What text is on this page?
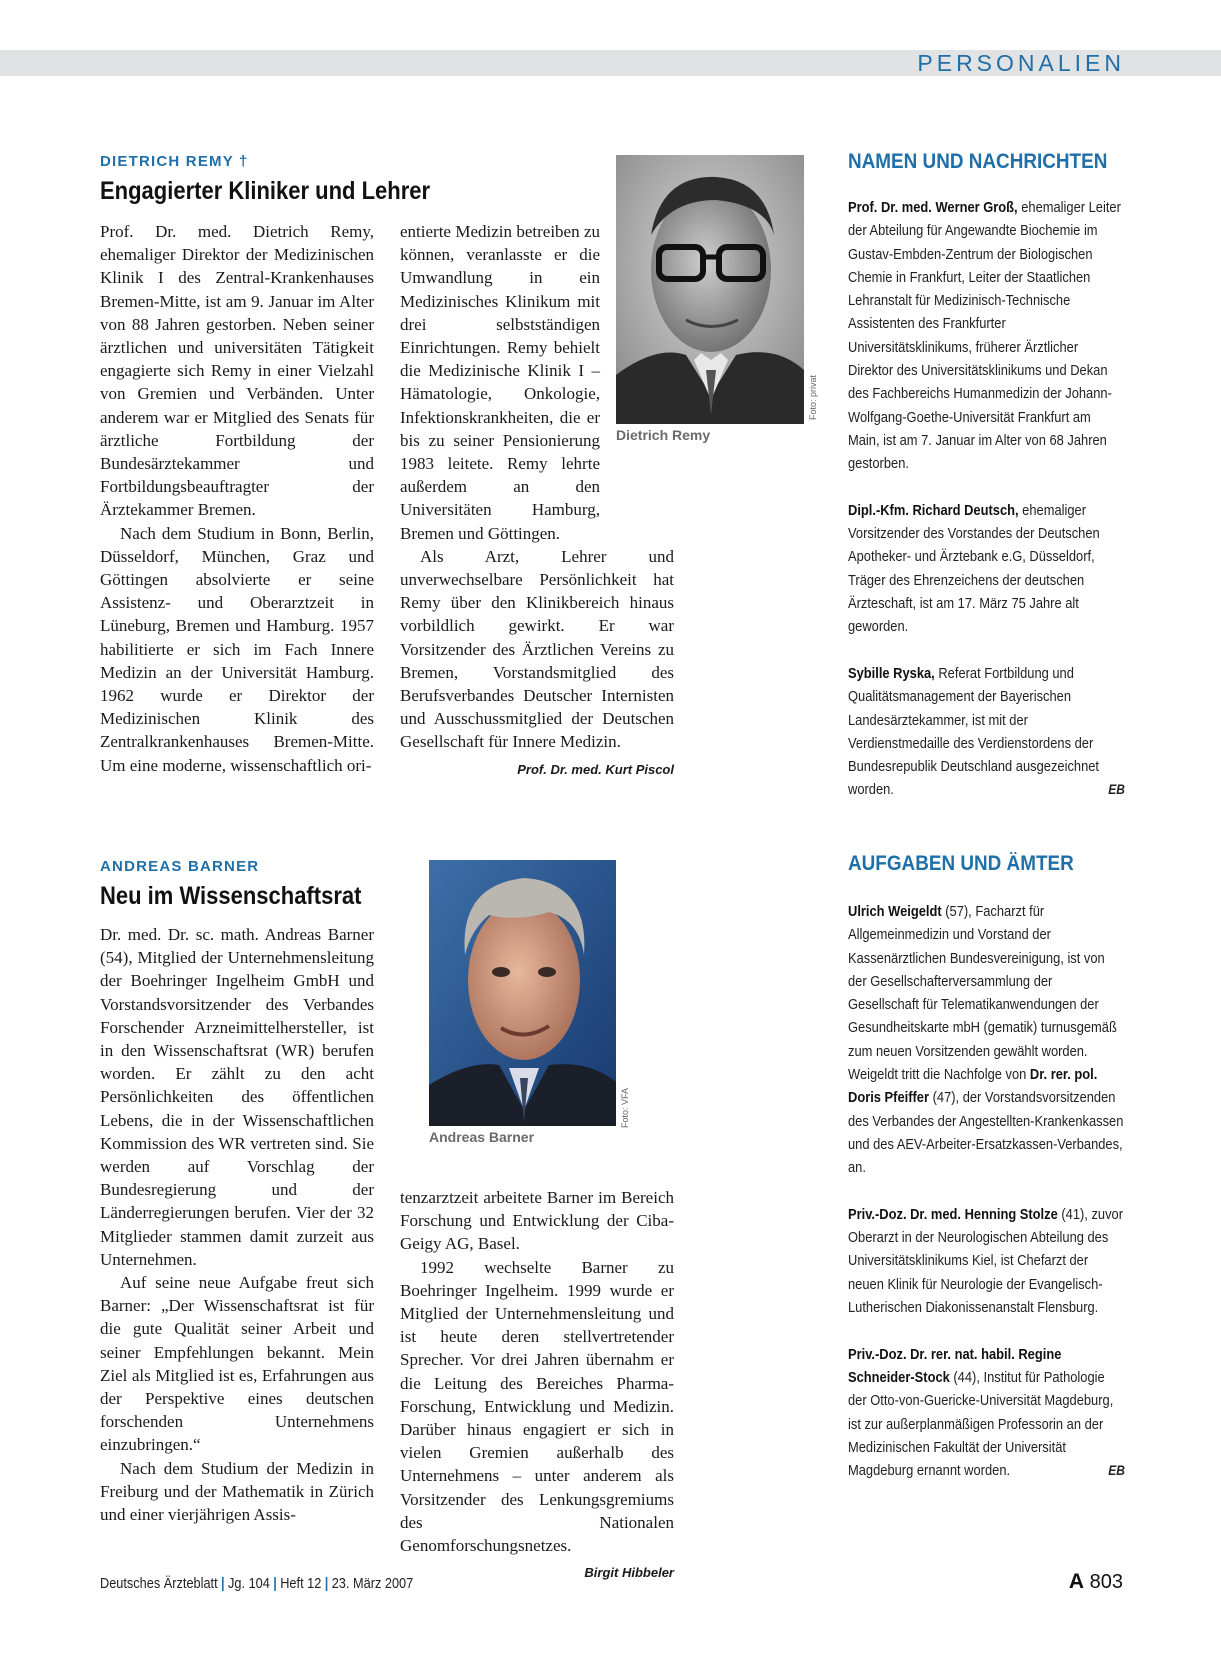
PERSONALIEN
DIETRICH REMY †
Engagierter Kliniker und Lehrer

Prof. Dr. med. Dietrich Remy, ehemaliger Direktor der Medizinischen Klinik I des Zentral-Krankenhauses Bremen-Mitte, ist am 9. Januar im Alter von 88 Jahren gestorben. Neben seiner ärztlichen und universitäten Tätigkeit engagierte sich Remy in einer Vielzahl von Gremien und Verbänden. Unter anderem war er Mitglied des Senats für ärztliche Fortbildung der Bundesärztekammer und Fortbildungsbeauftragter der Ärztekammer Bremen.

Nach dem Studium in Bonn, Berlin, Düsseldorf, München, Graz und Göttingen absolvierte er seine Assistenz- und Oberarztzeit in Lüneburg, Bremen und Hamburg. 1957 habilitierte er sich im Fach Innere Medizin an der Universität Hamburg. 1962 wurde er Direktor der Medizinischen Klinik des Zentralkrankenhauses Bremen-Mitte. Um eine moderne, wissenschaftlich ori-

Dietrich Remy
Foto: privat

entierte Medizin betreiben zu können, veranlasste er die Umwandlung in ein Medizinisches Klinikum mit drei selbstständigen Einrichtungen. Remy behielt die Medizinische Klinik I – Hämatologie, Onkologie, Infektionskrankheiten, die er bis zu seiner Pensionierung 1983 leitete. Remy lehrte außerdem an den Universitäten Hamburg, Bremen und Göttingen.

Als Arzt, Lehrer und unverwechselbare Persönlichkeit hat Remy über den Klinikbereich hinaus vorbildlich gewirkt. Er war Vorsitzender des Ärztlichen Vereins zu Bremen, Vorstandsmitglied des Berufsverbandes Deutscher Internisten und Ausschussmitglied der Deutschen Gesellschaft für Innere Medizin.
Prof. Dr. med. Kurt Piscol

ANDREAS BARNER
Neu im Wissenschaftsrat

Dr. med. Dr. sc. math. Andreas Barner (54), Mitglied der Unternehmensleitung der Boehringer Ingelheim GmbH und Vorstandsvorsitzender des Verbandes Forschender Arzneimittelhersteller, ist in den Wissenschaftsrat (WR) berufen worden. Er zählt zu den acht Persönlichkeiten des öffentlichen Lebens, die in der Wissenschaftlichen Kommission des WR vertreten sind. Sie werden auf Vorschlag der Bundesregierung und der Länderregierungen berufen. Vier der 32 Mitglieder stammen damit zurzeit aus Unternehmen.

Auf seine neue Aufgabe freut sich Barner: „Der Wissenschaftsrat ist für die gute Qualität seiner Arbeit und seiner Empfehlungen bekannt. Mein Ziel als Mitglied ist es, Erfahrungen aus der Perspektive eines deutschen forschenden Unternehmens einzubringen.“

Nach dem Studium der Medizin in Freiburg und der Mathematik in Zürich und einer vierjährigen Assis-

Andreas Barner
Foto: VFA

tenzarztzeit arbeitete Barner im Bereich Forschung und Entwicklung der Ciba-Geigy AG, Basel.

1992 wechselte Barner zu Boehringer Ingelheim. 1999 wurde er Mitglied der Unternehmensleitung und ist heute deren stellvertretender Sprecher. Vor drei Jahren übernahm er die Leitung des Bereiches Pharma-Forschung, Entwicklung und Medizin. Darüber hinaus engagiert er sich in vielen Gremien außerhalb des Unternehmens – unter anderem als Vorsitzender des Lenkungsgremiums des Nationalen Genomforschungsnetzes.
Birgit Hibbeler

NAMEN UND NACHRICHTEN

Prof. Dr. med. Werner Groß, ehemaliger Leiter der Abteilung für Angewandte Biochemie im Gustav-Embden-Zentrum der Biologischen Chemie in Frankfurt, Leiter der Staatlichen Lehranstalt für Medizinisch-Technische Assistenten des Frankfurter Universitätsklinikums, früherer Ärztlicher Direktor des Universitätsklinikums und Dekan des Fachbereichs Humanmedizin der Johann-Wolfgang-Goethe-Universität Frankfurt am Main, ist am 7. Januar im Alter von 68 Jahren gestorben.

Dipl.-Kfm. Richard Deutsch, ehemaliger Vorsitzender des Vorstandes der Deutschen Apotheker- und Ärztebank e.G, Düsseldorf, Träger des Ehrenzeichens der deutschen Ärzteschaft, ist am 17. März 75 Jahre alt geworden.

Sybille Ryska, Referat Fortbildung und Qualitätsmanagement der Bayerischen Landesärztekammer, ist mit der Verdienstmedaille des Verdienstordens der Bundesrepublik Deutschland ausgezeichnet worden.	EB

AUFGABEN UND ÄMTER

Ulrich Weigeldt (57), Facharzt für Allgemeinmedizin und Vorstand der Kassenärztlichen Bundesvereinigung, ist von der Gesellschafterversammlung der Gesellschaft für Telematikanwendungen der Gesundheitskarte mbH (gematik) turnusgemäß zum neuen Vorsitzenden gewählt worden. Weigeldt tritt die Nachfolge von Dr. rer. pol. Doris Pfeiffer (47), der Vorstandsvorsitzenden des Verbandes der Angestellten-Krankenkassen und des AEV-Arbeiter-Ersatzkassen-Verbandes, an.

Priv.-Doz. Dr. med. Henning Stolze (41), zuvor Oberarzt in der Neurologischen Abteilung des Universitätsklinikums Kiel, ist Chefarzt der neuen Klinik für Neurologie der Evangelisch-Lutherischen Diakonissenanstalt Flensburg.

Priv.-Doz. Dr. rer. nat. habil. Regine Schneider-Stock (44), Institut für Pathologie der Otto-von-Guericke-Universität Magdeburg, ist zur außerplanmäßigen Professorin an der Medizinischen Fakultät der Universität Magdeburg ernannt worden.	EB

Deutsches Ärzteblatt | Jg. 104 | Heft 12 | 23. März 2007	A 803
